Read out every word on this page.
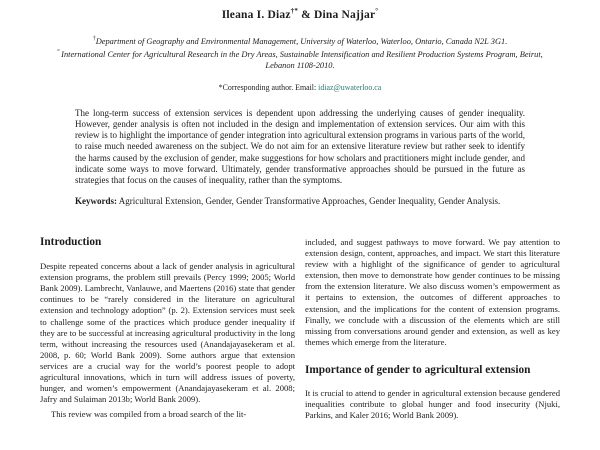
Ileana I. Diaz†* & Dina Najjar°
†Department of Geography and Environmental Management, University of Waterloo, Waterloo, Ontario, Canada N2L 3G1.
° International Center for Agricultural Research in the Dry Areas, Sustainable Intensification and Resilient Production Systems Program, Beirut, Lebanon 1108-2010.
*Corresponding author. Email: idiaz@uwaterloo.ca
The long-term success of extension services is dependent upon addressing the underlying causes of gender inequality. However, gender analysis is often not included in the design and implementation of extension services. Our aim with this review is to highlight the importance of gender integration into agricultural extension programs in various parts of the world, to raise much needed awareness on the subject. We do not aim for an extensive literature review but rather seek to identify the harms caused by the exclusion of gender, make suggestions for how scholars and practitioners might include gender, and indicate some ways to move forward. Ultimately, gender transformative approaches should be pursued in the future as strategies that focus on the causes of inequality, rather than the symptoms.
Keywords: Agricultural Extension, Gender, Gender Transformative Approaches, Gender Inequality, Gender Analysis.
Introduction

Despite repeated concerns about a lack of gender analysis in agricultural extension programs, the problem still prevails (Percy 1999; 2005; World Bank 2009). Lambrecht, Vanlauwe, and Maertens (2016) state that gender continues to be “rarely considered in the literature on agricultural extension and technology adoption” (p. 2). Extension services must seek to challenge some of the practices which produce gender inequality if they are to be successful at increasing agricultural productivity in the long term, without increasing the resources used (Anandajayasekeram et al. 2008, p. 60; World Bank 2009). Some authors argue that extension services are a crucial way for the world’s poorest people to adopt agricultural innovations, which in turn will address issues of poverty, hunger, and women’s empowerment (Anandajayasekeram et al. 2008; Jafry and Sulaiman 2013b; World Bank 2009).

This review was compiled from a broad search of the lit-

included, and suggest pathways to move forward. We pay attention to extension design, content, approaches, and impact. We start this literature review with a highlight of the significance of gender to agricultural extension, then move to demonstrate how gender continues to be missing from the extension literature. We also discuss women’s empowerment as it pertains to extension, the outcomes of different approaches to extension, and the implications for the content of extension programs. Finally, we conclude with a discussion of the elements which are still missing from conversations around gender and extension, as well as key themes which emerge from the literature.

Importance of gender to agricultural extension

It is crucial to attend to gender in agricultural extension because gendered inequalities contribute to global hunger and food insecurity (Njuki, Parkins, and Kaler 2016; World Bank 2009).
